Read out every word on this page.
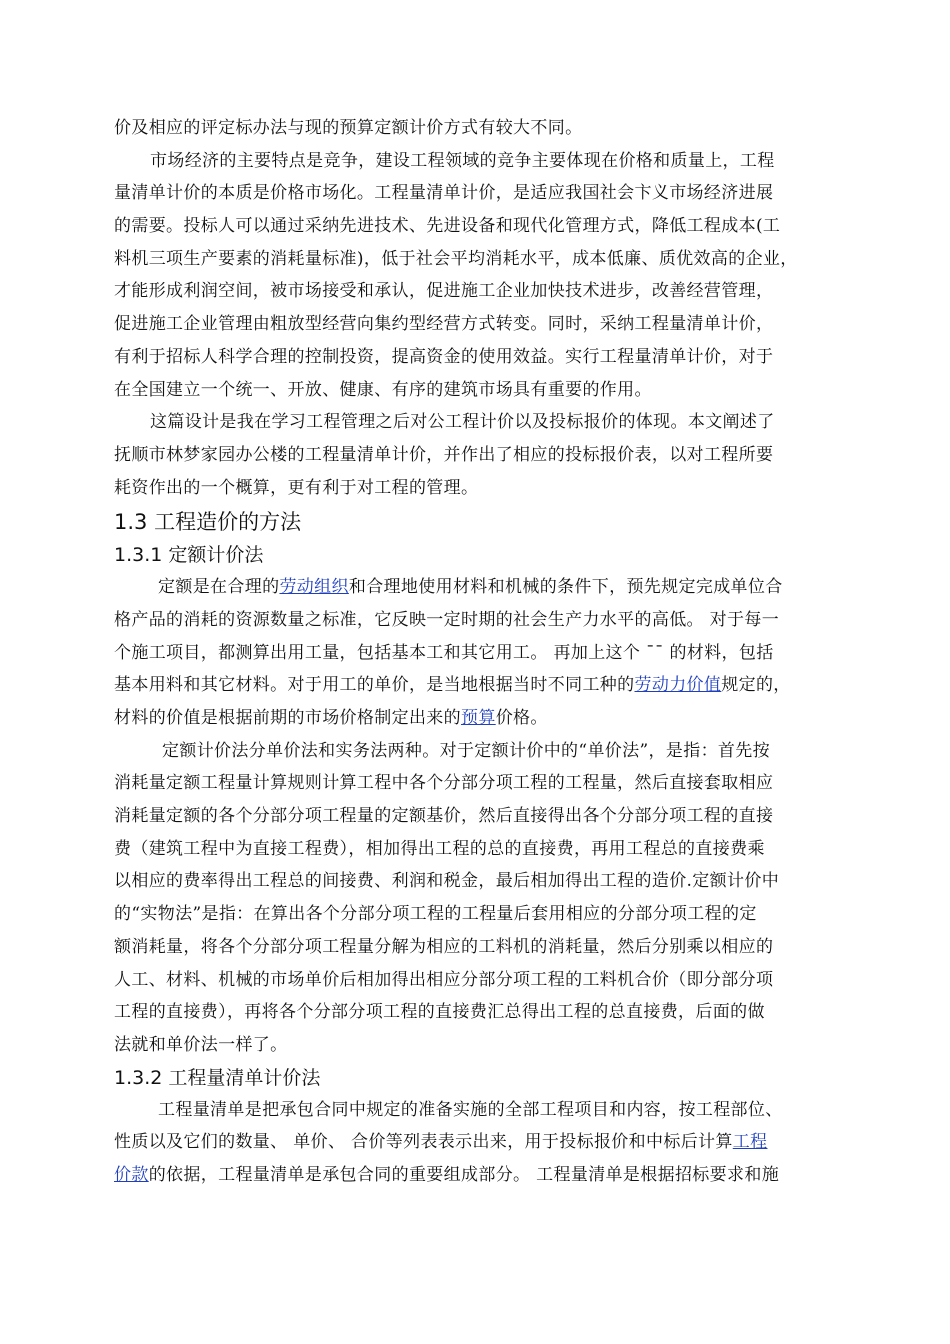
价及相应的评定标办法与现的预算定额计价方式有较大不同。
市场经济的主要特点是竞争，建设工程领域的竞争主要体现在价格和质量上，工程
量清单计价的本质是价格市场化。工程量清单计价，是适应我国社会卞义市场经济进展
的需要。投标人可以通过采纳先进技术、先进设备和现代化管理方式，降低工程成本(工
料机三项生产要素的消耗量标准)，低于社会平均消耗水平，成本低廉、质优效高的企业，
才能形成利润空间，被市场接受和承认，促进施工企业加快技术进步，改善经营管理，
促进施工企业管理由粗放型经营向集约型经营方式转变。同时，采纳工程量清单计价，
有利于招标人科学合理的控制投资，提高资金的使用效益。实行工程量清单计价，对于
在全国建立一个统一、开放、健康、有序的建筑市场具有重要的作用。
这篇设计是我在学习工程管理之后对公工程计价以及投标报价的体现。本文阐述了
抚顺市林梦家园办公楼的工程量清单计价，并作出了相应的投标报价表，以对工程所要
耗资作出的一个概算，更有利于对工程的管理。
1.3 工程造价的方法
1.3.1 定额计价法
定额是在合理的劳动组织和合理地使用材料和机械的条件下，预先规定完成单位合
格产品的消耗的资源数量之标准，它反映一定时期的社会生产力水平的高低。 对于每一
个施工项目，都测算出用工量，包括基本工和其它用工。 再加上这个 ˉˉ 的材料，包括
基本用料和其它材料。对于用工的单价，是当地根据当时不同工种的劳动力价值规定的，
材料的价值是根据前期的市场价格制定出来的预算价格。
定额计价法分单价法和实务法两种。对于定额计价中的“单价法”，是指：首先按
消耗量定额工程量计算规则计算工程中各个分部分项工程的工程量，然后直接套取相应
消耗量定额的各个分部分项工程量的定额基价，然后直接得出各个分部分项工程的直接
费（建筑工程中为直接工程费），相加得出工程的总的直接费，再用工程总的直接费乘
以相应的费率得出工程总的间接费、利润和税金，最后相加得出工程的造价.定额计价中
的“实物法”是指：在算出各个分部分项工程的工程量后套用相应的分部分项工程的定
额消耗量，将各个分部分项工程量分解为相应的工料机的消耗量，然后分别乘以相应的
人工、材料、机械的市场单价后相加得出相应分部分项工程的工料机合价（即分部分项
工程的直接费），再将各个分部分项工程的直接费汇总得出工程的总直接费，后面的做
法就和单价法一样了。
1.3.2 工程量清单计价法
工程量清单是把承包合同中规定的准备实施的全部工程项目和内容，按工程部位、
性质以及它们的数量、 单价、 合价等列表表示出来，用于投标报价和中标后计算工程
价款的依据，工程量清单是承包合同的重要组成部分。 工程量清单是根据招标要求和施
